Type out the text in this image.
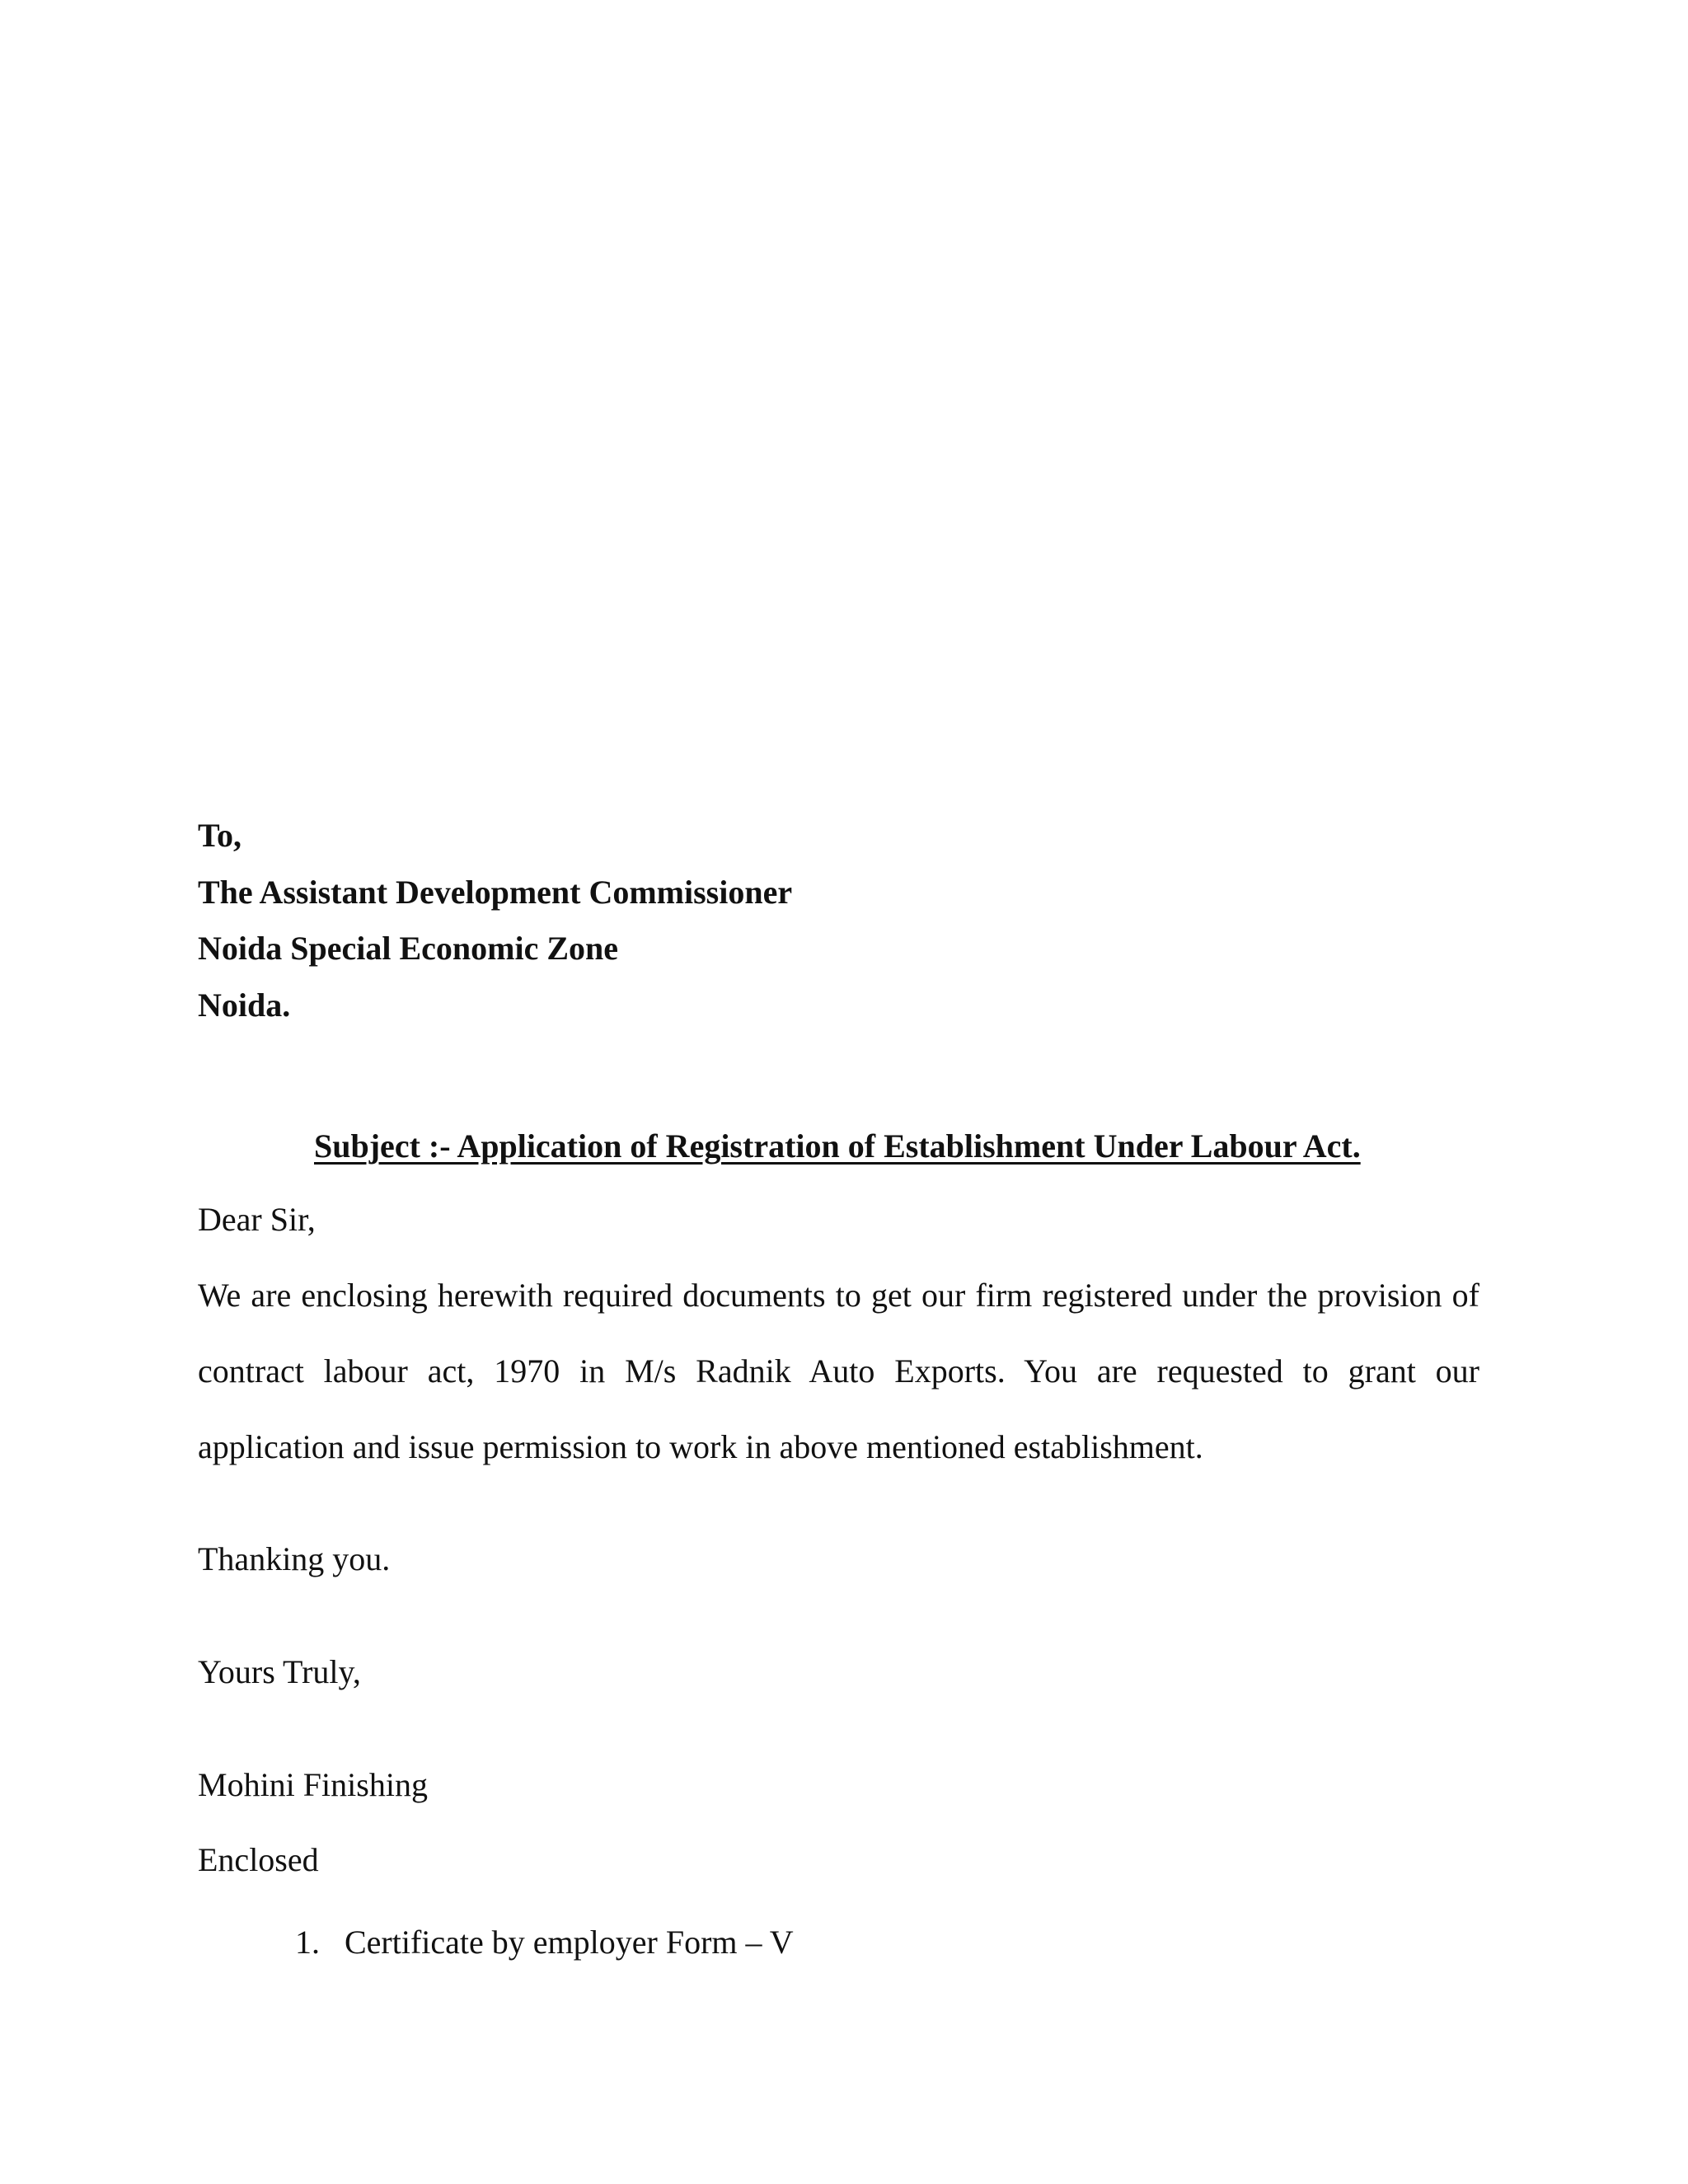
To,
The Assistant Development Commissioner
Noida Special Economic Zone
Noida.
Subject :- Application of Registration of Establishment Under Labour Act.
Dear Sir,
We are enclosing herewith required documents to get our firm registered under the provision of
contract labour act, 1970 in M/s Radnik Auto Exports. You are requested to grant our
application and issue permission to work in above mentioned establishment.
Thanking you.
Yours Truly,
Mohini Finishing
Enclosed
1. Certificate by employer Form – V
